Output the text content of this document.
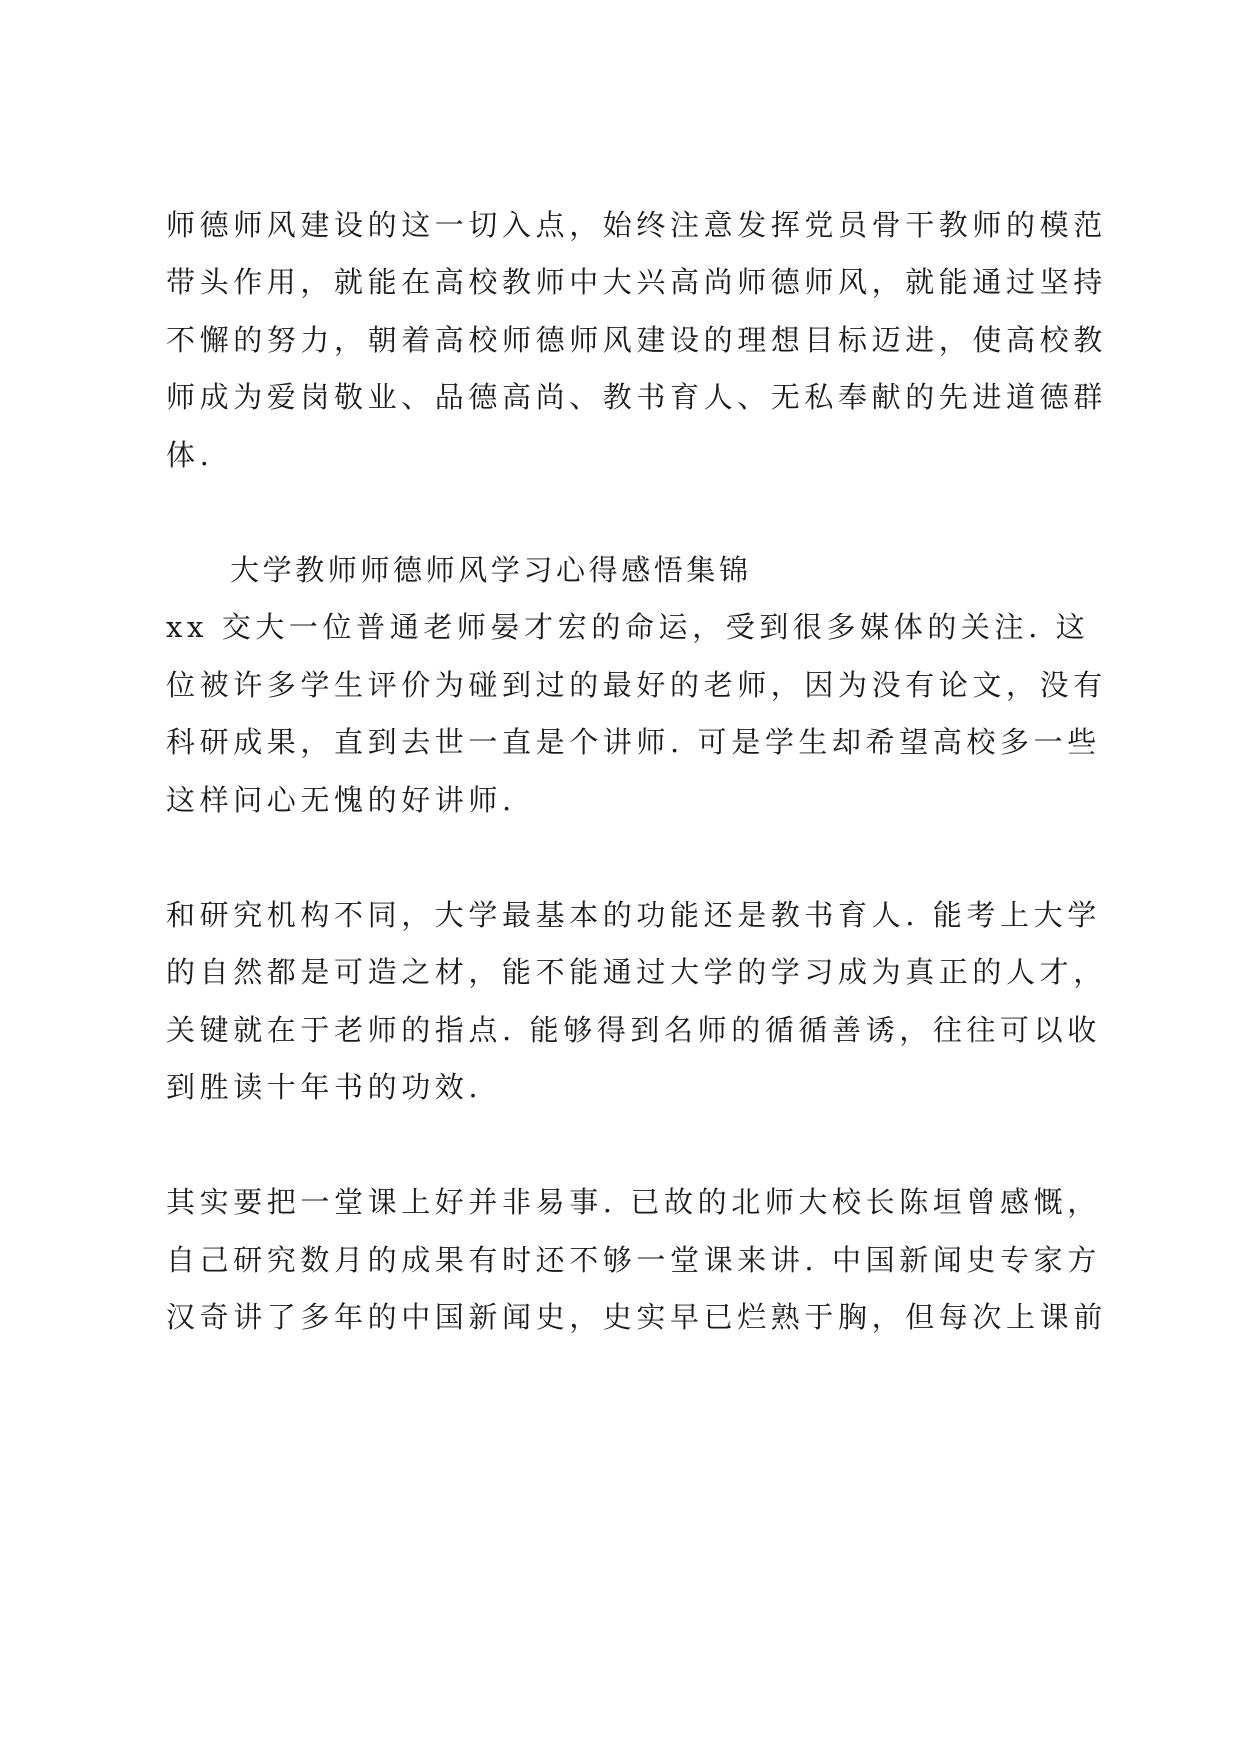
师德师风建设的这一切入点，始终注意发挥党员骨干教师的模范
带头作用，就能在高校教师中大兴高尚师德师风，就能通过坚持
不懈的努力，朝着高校师德师风建设的理想目标迈进，使高校教
师成为爱岗敬业、品德高尚、教书育人、无私奉献的先进道德群
体.
大学教师师德师风学习心得感悟集锦
xx 交大一位普通老师晏才宏的命运，受到很多媒体的关注. 这
位被许多学生评价为碰到过的最好的老师，因为没有论文，没有
科研成果，直到去世一直是个讲师. 可是学生却希望高校多一些
这样问心无愧的好讲师.
和研究机构不同，大学最基本的功能还是教书育人. 能考上大学
的自然都是可造之材，能不能通过大学的学习成为真正的人才，
关键就在于老师的指点. 能够得到名师的循循善诱，往往可以收
到胜读十年书的功效.
其实要把一堂课上好并非易事. 已故的北师大校长陈垣曾感慨，
自己研究数月的成果有时还不够一堂课来讲. 中国新闻史专家方
汉奇讲了多年的中国新闻史，史实早已烂熟于胸，但每次上课前
